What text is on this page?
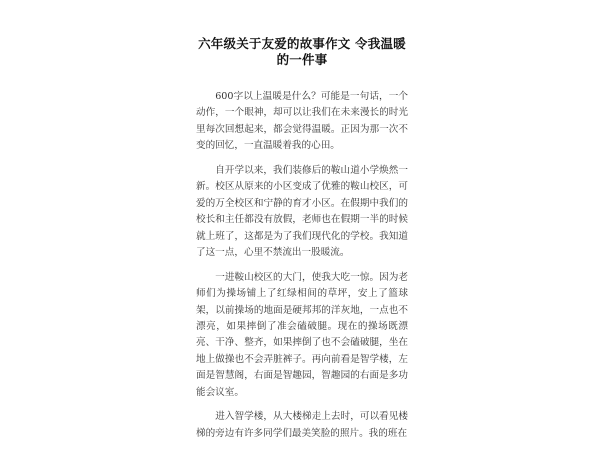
六年级关于友爱的故事作文 令我温暖
的一件事

600字以上温暖是什么？可能是一句话，一个动作，一个眼神，却可以让我们在未来漫长的时光里每次回想起来，都会觉得温暖。正因为那一次不变的回忆，一直温暖着我的心田。

自开学以来，我们装修后的鞍山道小学焕然一新。校区从原来的小区变成了优雅的鞍山校区，可爱的万全校区和宁静的育才小区。在假期中我们的校长和主任都没有放假，老师也在假期一半的时候就上班了，这都是为了我们现代化的学校。我知道了这一点，心里不禁流出一股暖流。

一进鞍山校区的大门，使我大吃一惊。因为老师们为操场铺上了红绿相间的草坪，安上了篮球架，以前操场的地面是硬邦邦的洋灰地，一点也不漂亮，如果摔倒了准会磕破腿。现在的操场既漂亮、干净、整齐，如果摔倒了也不会磕破腿，坐在地上做操也不会弄脏裤子。再向前看是智学楼，左面是智慧阁，右面是智趣园，智趣园的右面是多功能会议室。

进入智学楼，从大楼梯走上去时，可以看见楼梯的旁边有许多同学们最美笑脸的照片。我的班在
